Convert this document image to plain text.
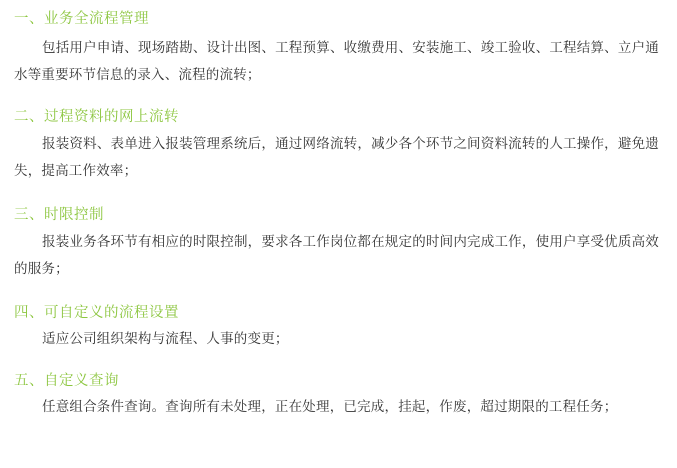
一、业务全流程管理
包括用户申请、现场踏勘、设计出图、工程预算、收缴费用、安装施工、竣工验收、工程结算、立户通水等重要环节信息的录入、流程的流转；
二、过程资料的网上流转
报装资料、表单进入报装管理系统后，通过网络流转，减少各个环节之间资料流转的人工操作，避免遗失，提高工作效率；
三、时限控制
报装业务各环节有相应的时限控制，要求各工作岗位都在规定的时间内完成工作，使用户享受优质高效的服务；
四、可自定义的流程设置
适应公司组织架构与流程、人事的变更；
五、自定义查询
任意组合条件查询。查询所有未处理，正在处理，已完成，挂起，作废，超过期限的工程任务；
